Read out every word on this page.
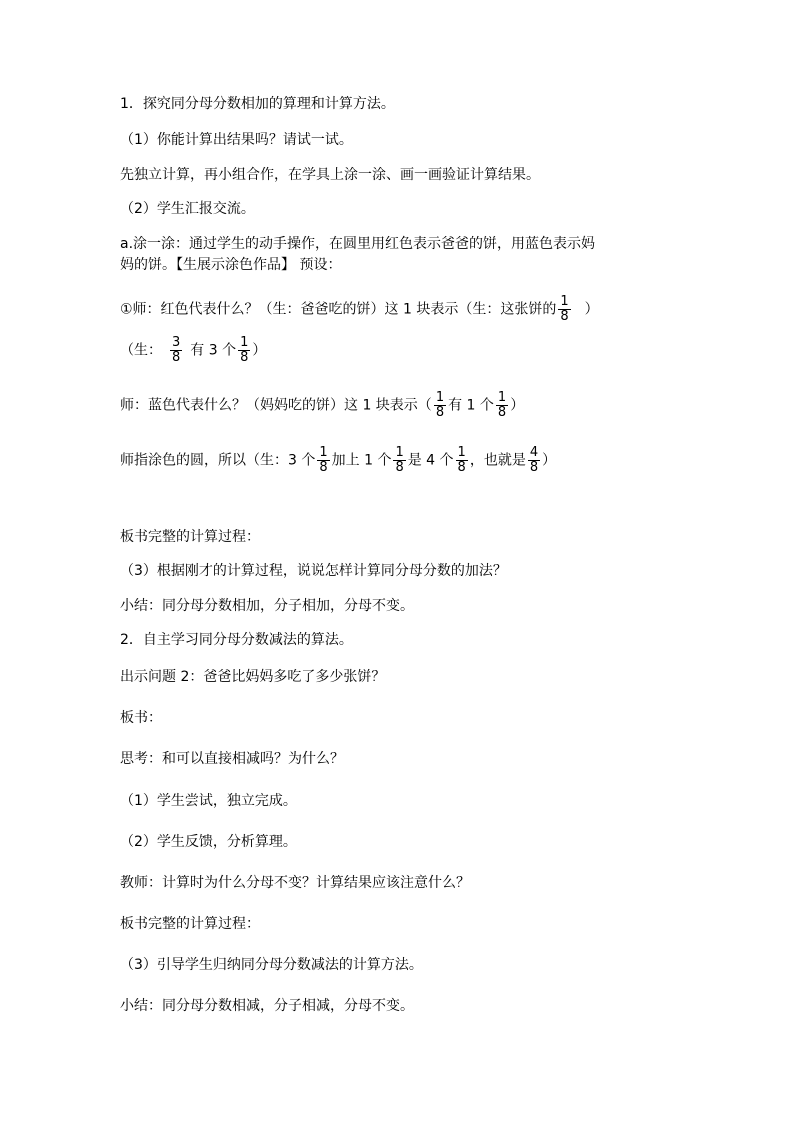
1．探究同分母分数相加的算理和计算方法。
（1）你能计算出结果吗？请试一试。
先独立计算，再小组合作，在学具上涂一涂、画一画验证计算结果。
（2）学生汇报交流。
a.涂一涂：通过学生的动手操作，在圆里用红色表示爸爸的饼，用蓝色表示妈
妈的饼。【生展示涂色作品】 预设：
①师：红色代表什么？（生：爸爸吃的饼）这 1 块表示（生：这张饼的 $\frac{1}{8}$ ）
（生： $\frac{3}{8}$ 有 3 个 $\frac{1}{8}$ ）
师：蓝色代表什么？（妈妈吃的饼）这 1 块表示（ $\frac{1}{8}$ 有 1 个 $\frac{1}{8}$ ）
师指涂色的圆，所以（生：3 个 $\frac{1}{8}$ 加上 1 个 $\frac{1}{8}$ 是 4 个 $\frac{1}{8}$ ，也就是 $\frac{4}{8}$ ）
板书完整的计算过程：
（3）根据刚才的计算过程，说说怎样计算同分母分数的加法？
小结：同分母分数相加，分子相加，分母不变。
2．自主学习同分母分数减法的算法。
出示问题 2：爸爸比妈妈多吃了多少张饼？
板书：
思考：和可以直接相减吗？为什么？
（1）学生尝试，独立完成。
（2）学生反馈，分析算理。
教师：计算时为什么分母不变？计算结果应该注意什么？
板书完整的计算过程：
（3）引导学生归纳同分母分数减法的计算方法。
小结：同分母分数相减，分子相减，分母不变。
